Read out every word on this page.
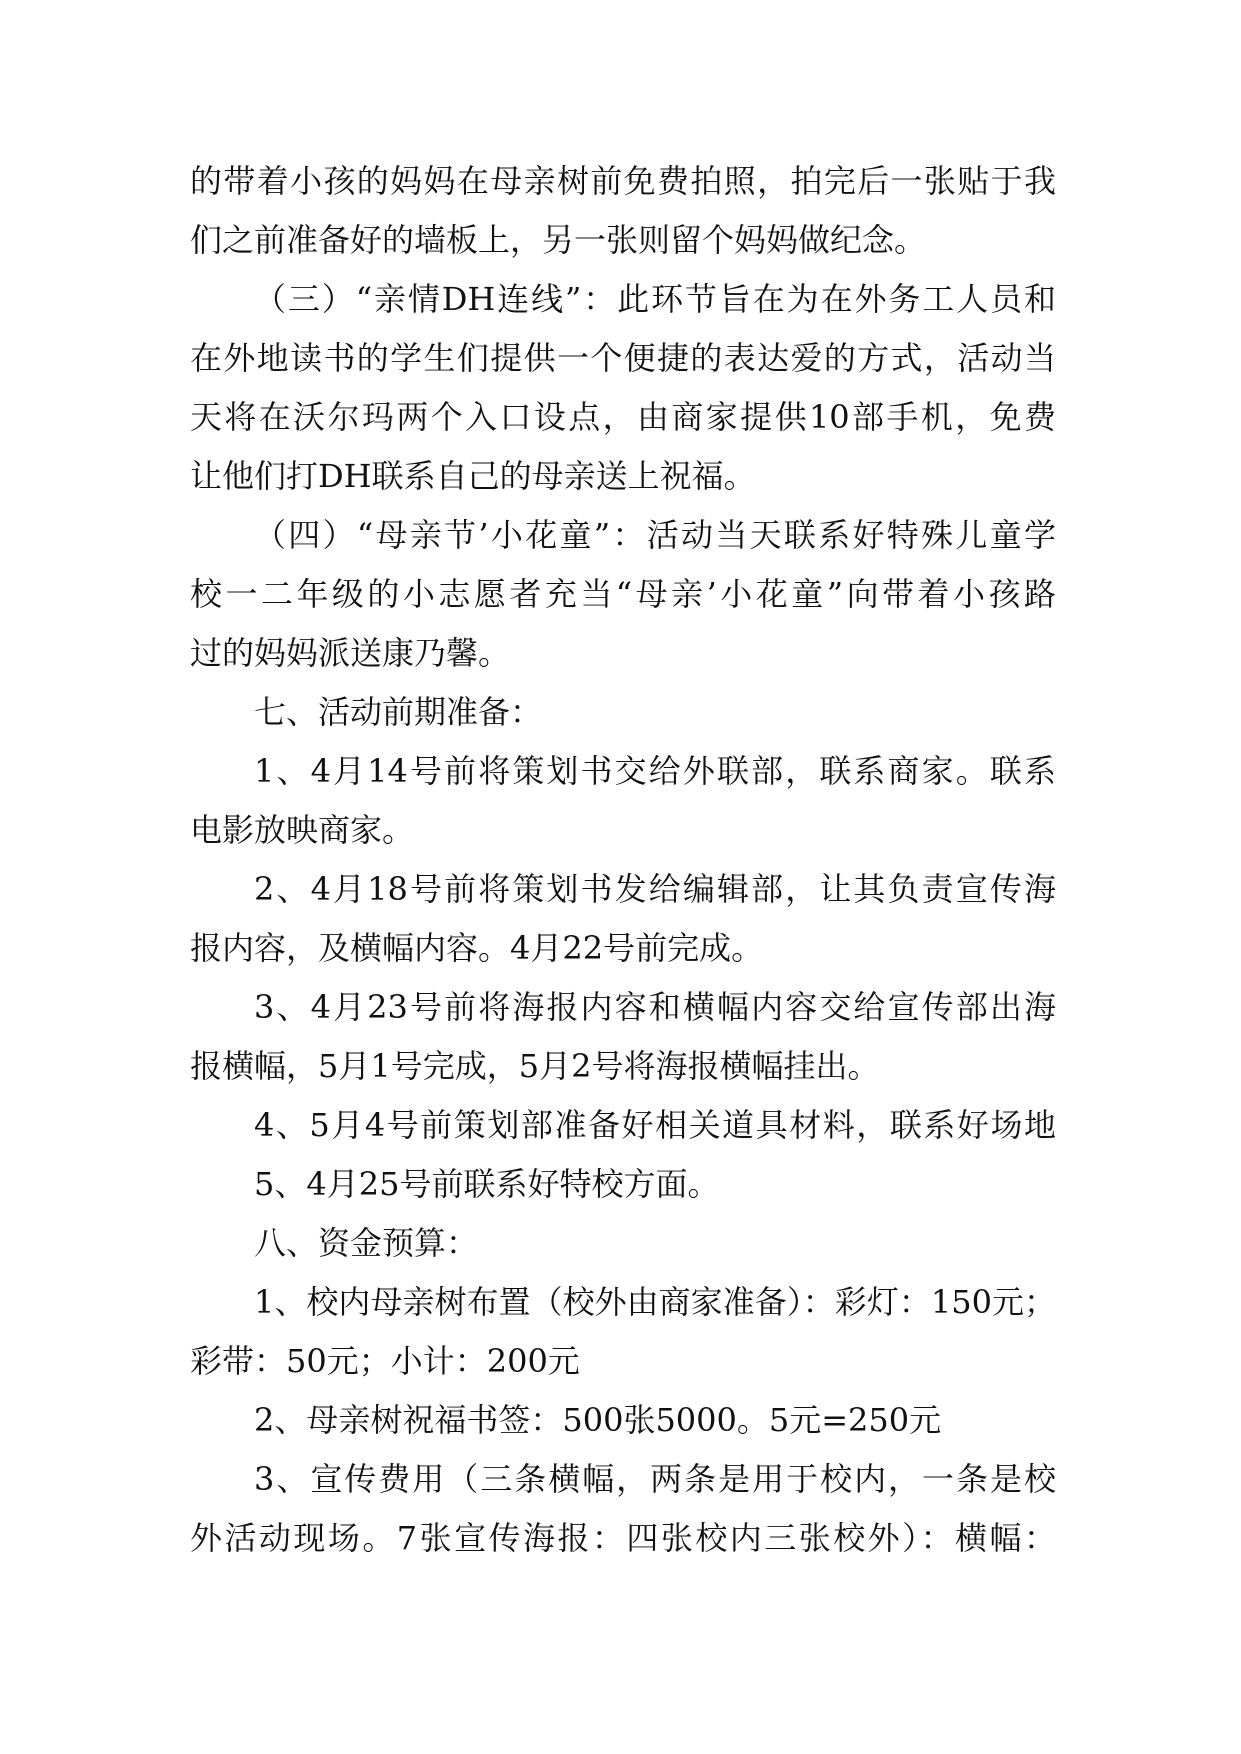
的带着小孩的妈妈在母亲树前免费拍照，拍完后一张贴于我
们之前准备好的墙板上，另一张则留个妈妈做纪念。
（三）“亲情DH连线”：此环节旨在为在外务工人员和
在外地读书的学生们提供一个便捷的表达爱的方式，活动当
天将在沃尔玛两个入口设点，由商家提供10部手机，免费
让他们打DH联系自己的母亲送上祝福。
（四）“母亲节’小花童”：活动当天联系好特殊儿童学
校一二年级的小志愿者充当“母亲’小花童”向带着小孩路
过的妈妈派送康乃馨。
七、活动前期准备：
1、4月14号前将策划书交给外联部，联系商家。联系
电影放映商家。
2、4月18号前将策划书发给编辑部，让其负责宣传海
报内容，及横幅内容。4月22号前完成。
3、4月23号前将海报内容和横幅内容交给宣传部出海
报横幅，5月1号完成，5月2号将海报横幅挂出。
4、5月4号前策划部准备好相关道具材料，联系好场地
5、4月25号前联系好特校方面。
八、资金预算：
1、校内母亲树布置（校外由商家准备）：彩灯：150元；
彩带：50元；小计：200元
2、母亲树祝福书签：500张5000。5元=250元
3、宣传费用（三条横幅，两条是用于校内，一条是校
外活动现场。7张宣传海报：四张校内三张校外）：横幅：
